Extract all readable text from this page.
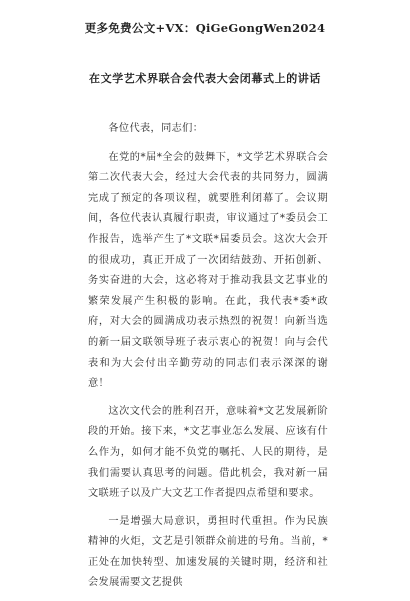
更多免费公文+VX：QiGeGongWen2024
在文学艺术界联合会代表大会闭幕式上的讲话

各位代表，同志们：

在党的*届*全会的鼓舞下，*文学艺术界联合会第二次代表大会，经过大会代表的共同努力，圆满完成了预定的各项议程，就要胜利闭幕了。会议期间，各位代表认真履行职责，审议通过了*委员会工作报告，选举产生了*文联*届委员会。这次大会开的很成功，真正开成了一次团结鼓劲、开拓创新、务实奋进的大会，这必将对于推动我县文艺事业的繁荣发展产生积极的影响。在此，我代表*委*政府，对大会的圆满成功表示热烈的祝贺！向新当选的新一届文联领导班子表示衷心的祝贺！向与会代表和为大会付出辛勤劳动的同志们表示深深的谢意！

这次文代会的胜利召开，意味着*文艺发展新阶段的开始。接下来，*文艺事业怎么发展、应该有什么作为，如何才能不负党的嘱托、人民的期待，是我们需要认真思考的问题。借此机会，我对新一届文联班子以及广大文艺工作者提四点希望和要求。

一是增强大局意识，勇担时代重担。作为民族精神的火炬，文艺是引领群众前进的号角。当前，*正处在加快转型、加速发展的关键时期，经济和社会发展需要文艺提供
